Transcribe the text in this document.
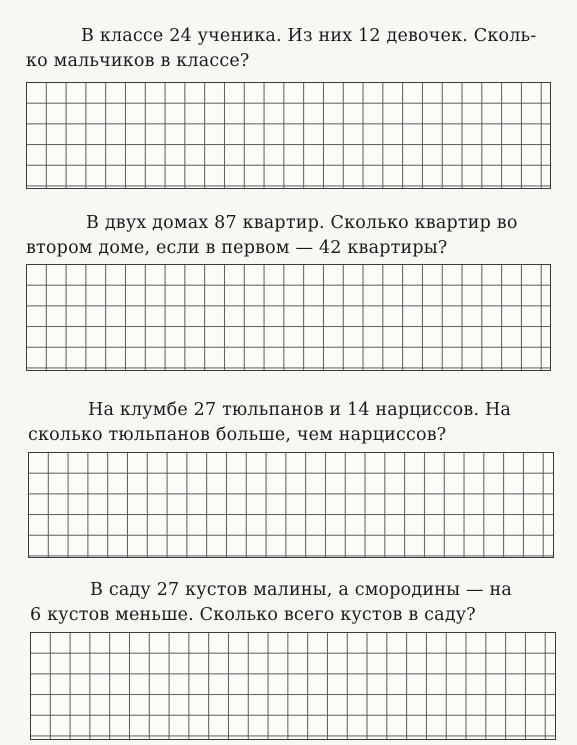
В классе 24 ученика. Из них 12 девочек. Сколь-
ко мальчиков в классе?

В двух домах 87 квартир. Сколько квартир во
втором доме, если в первом — 42 квартиры?

На клумбе 27 тюльпанов и 14 нарциссов. На
сколько тюльпанов больше, чем нарциссов?

В саду 27 кустов малины, а смородины — на
6 кустов меньше. Сколько всего кустов в саду?
